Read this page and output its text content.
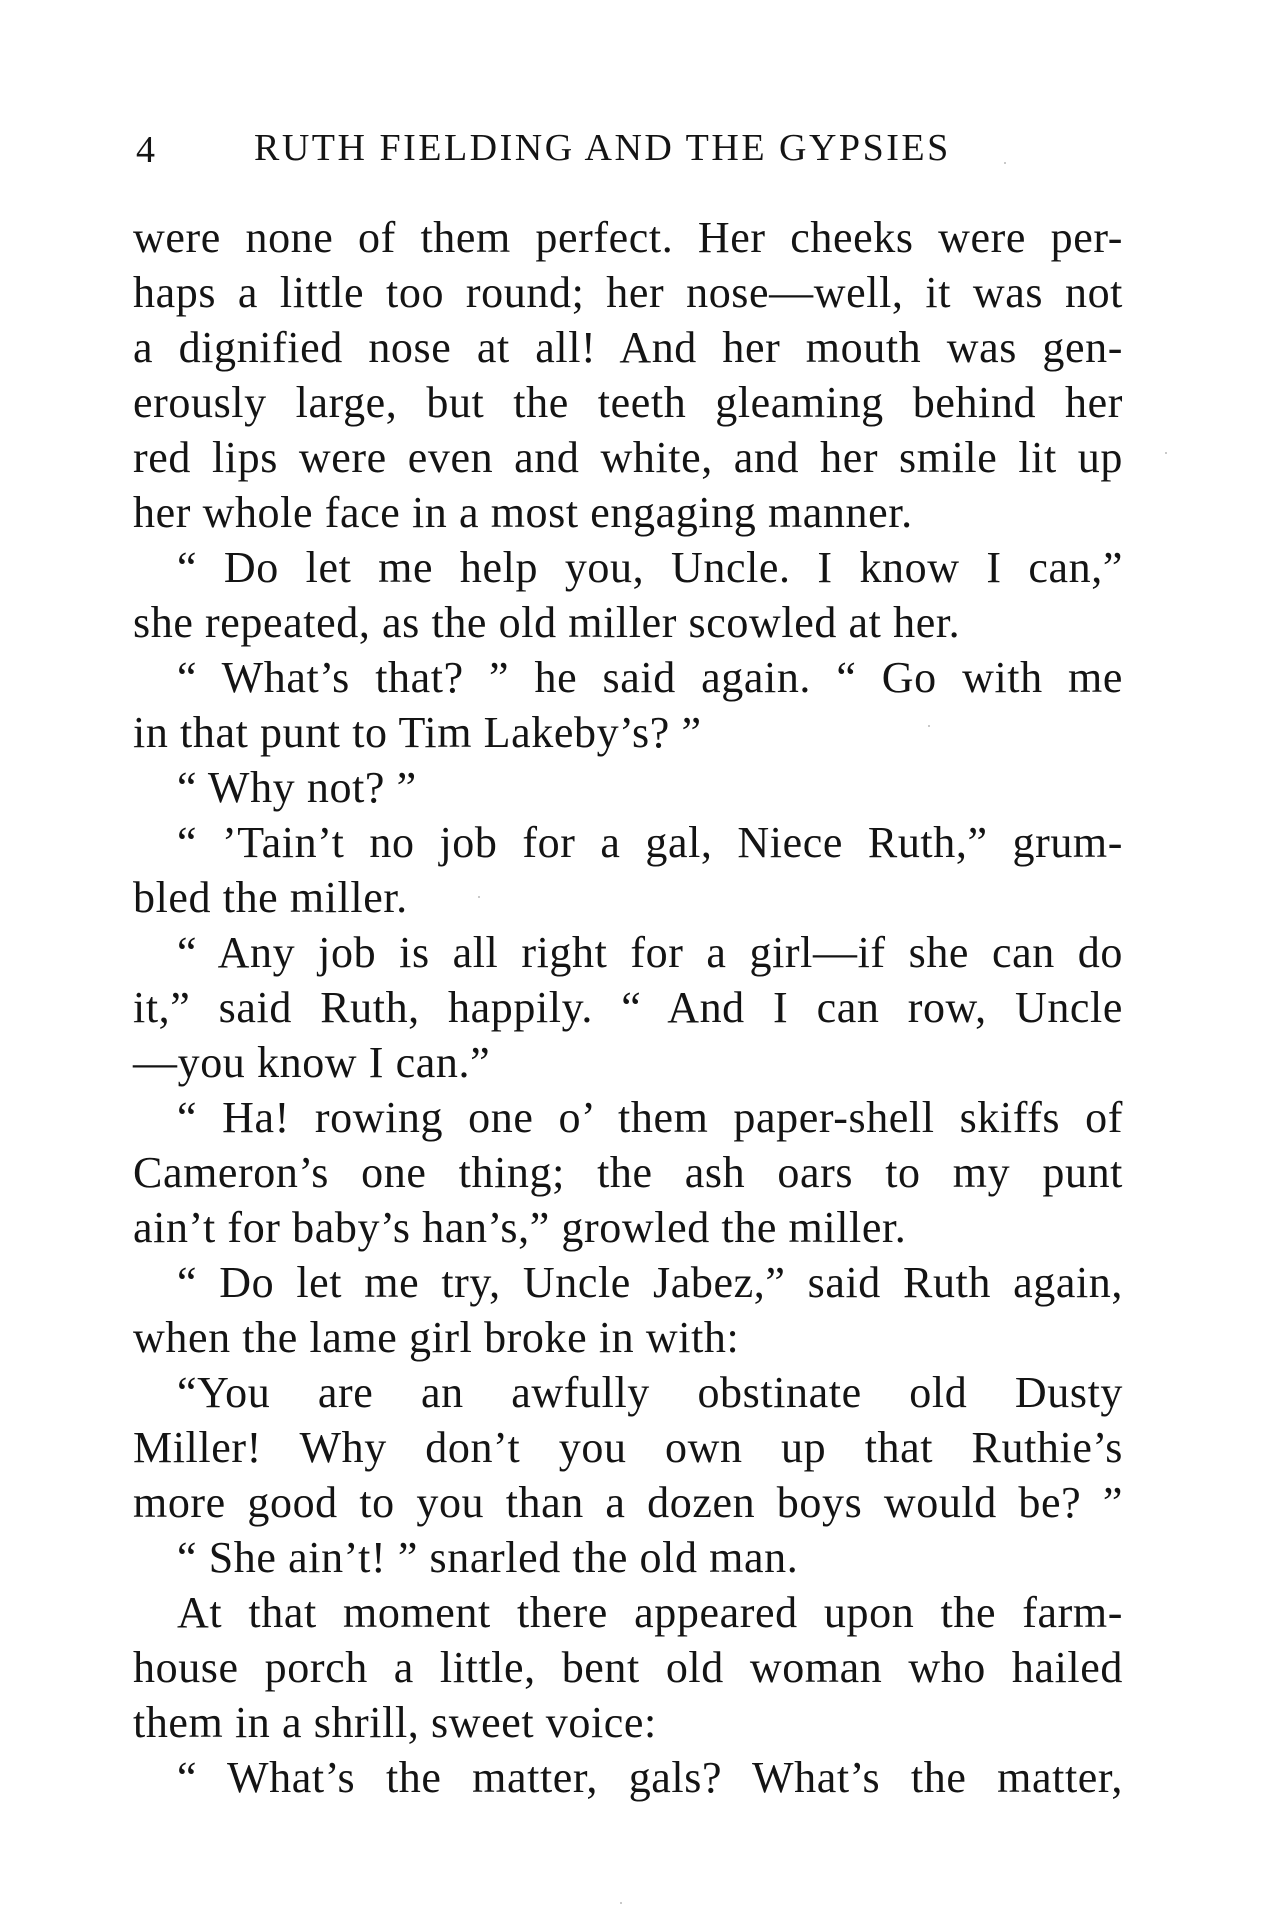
4	RUTH FIELDING AND THE GYPSIES
were none of them perfect. Her cheeks were per-
haps a little too round; her nose—well, it was not
a dignified nose at all! And her mouth was gen-
erously large, but the teeth gleaming behind her
red lips were even and white, and her smile lit up
her whole face in a most engaging manner.
“ Do let me help you, Uncle. I know I can,”
she repeated, as the old miller scowled at her.
“ What’s that? ” he said again. “ Go with me
in that punt to Tim Lakeby’s? ”
“ Why not? ”
“ ’Tain’t no job for a gal, Niece Ruth,” grum-
bled the miller.
“ Any job is all right for a girl—if she can do
it,” said Ruth, happily. “ And I can row, Uncle
—you know I can.”
“ Ha! rowing one o’ them paper-shell skiffs of
Cameron’s one thing; the ash oars to my punt
ain’t for baby’s han’s,” growled the miller.
“ Do let me try, Uncle Jabez,” said Ruth again,
when the lame girl broke in with:
“You are an awfully obstinate old Dusty
Miller! Why don’t you own up that Ruthie’s
more good to you than a dozen boys would be? ”
“ She ain’t! ” snarled the old man.
At that moment there appeared upon the farm-
house porch a little, bent old woman who hailed
them in a shrill, sweet voice:
“ What’s the matter, gals? What’s the matter,
